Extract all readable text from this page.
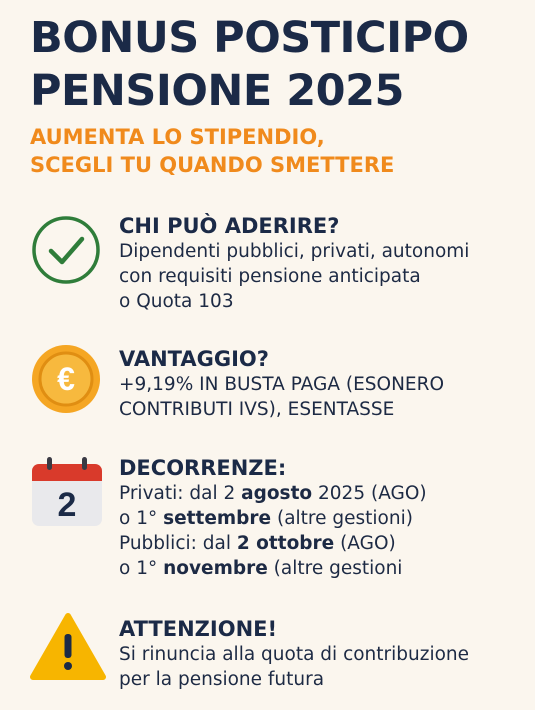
BONUS POSTICIPO
PENSIONE 2025
AUMENTA LO STIPENDIO,
SCEGLI TU QUANDO SMETTERE
CHI PUÒ ADERIRE?
Dipendenti pubblici, privati, autonomi
con requisiti pensione anticipata
o Quota 103
€
VANTAGGIO?
+9,19% IN BUSTA PAGA (ESONERO
CONTRIBUTI IVS), ESENTASSE
2
DECORRENZE:
Privati: dal 2 agosto 2025 (AGO)
o 1° settembre (altre gestioni)
Pubblici: dal 2 ottobre (AGO)
o 1° novembre (altre gestioni
ATTENZIONE!
Si rinuncia alla quota di contribuzione
per la pensione futura
